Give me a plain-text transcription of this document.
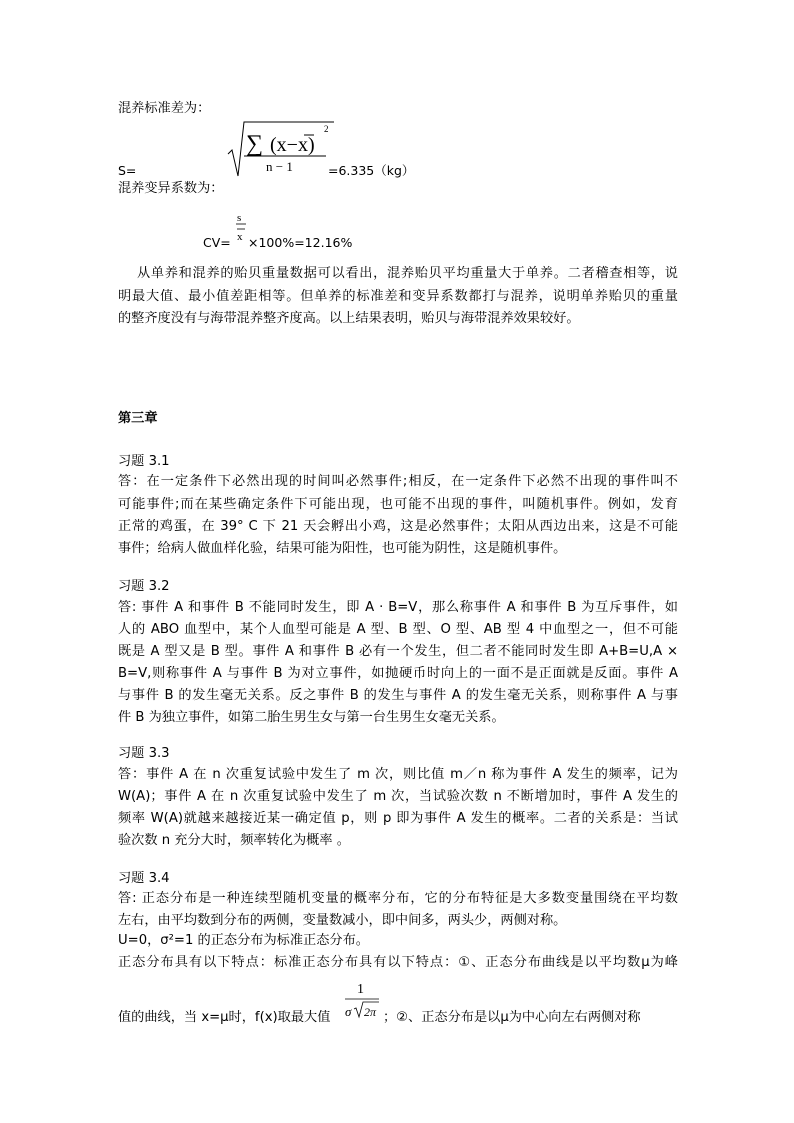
混养标准差为：
S=
∑ (x−x)
2
n − 1	=6.335（kg）
混养变异系数为：
s
x
CV= ×100%=12.16%
从单养和混养的贻贝重量数据可以看出，混养贻贝平均重量大于单养。二者稽查相等，说
明最大值、最小值差距相等。但单养的标准差和变异系数都打与混养，说明单养贻贝的重量
的整齐度没有与海带混养整齐度高。以上结果表明，贻贝与海带混养效果较好。
第三章
习题 3.1
答：在一定条件下必然出现的时间叫必然事件;相反，在一定条件下必然不出现的事件叫不
可能事件;而在某些确定条件下可能出现，也可能不出现的事件，叫随机事件。例如，发育
正常的鸡蛋，在 39° C 下 21 天会孵出小鸡，这是必然事件；太阳从西边出来，这是不可能
事件；给病人做血样化验，结果可能为阳性，也可能为阴性，这是随机事件。
习题 3.2
答: 事件 A 和事件 B 不能同时发生，即 A · B=V，那么称事件 A 和事件 B 为互斥事件，如
人的 ABO 血型中，某个人血型可能是 A 型、B 型、O 型、AB 型 4 中血型之一，但不可能
既是 A 型又是 B 型。事件 A 和事件 B 必有一个发生，但二者不能同时发生即 A+B=U,A ×
B=V,则称事件 A 与事件 B 为对立事件，如抛硬币时向上的一面不是正面就是反面。事件 A
与事件 B 的发生毫无关系。反之事件 B 的发生与事件 A 的发生毫无关系，则称事件 A 与事
件 B 为独立事件，如第二胎生男生女与第一台生男生女毫无关系。
习题 3.3
答：事件 A 在 n 次重复试验中发生了 m 次，则比值 m／n 称为事件 A 发生的频率，记为
W(A)；事件 A 在 n 次重复试验中发生了 m 次，当试验次数 n 不断增加时，事件 A 发生的
频率 W(A)就越来越接近某一确定值 p，则 p 即为事件 A 发生的概率。二者的关系是：当试
验次数 n 充分大时，频率转化为概率 。
习题 3.4
答: 正态分布是一种连续型随机变量的概率分布，它的分布特征是大多数变量围绕在平均数
左右，由平均数到分布的两侧，变量数减小，即中间多，两头少，两侧对称。
U=0，σ²=1 的正态分布为标准正态分布。
正态分布具有以下特点：标准正态分布具有以下特点：①、正态分布曲线是以平均数μ为峰
值的曲线，当 x=μ时，f(x)取最大值
1
σ 2π ；②、正态分布是以μ为中心向左右两侧对称
